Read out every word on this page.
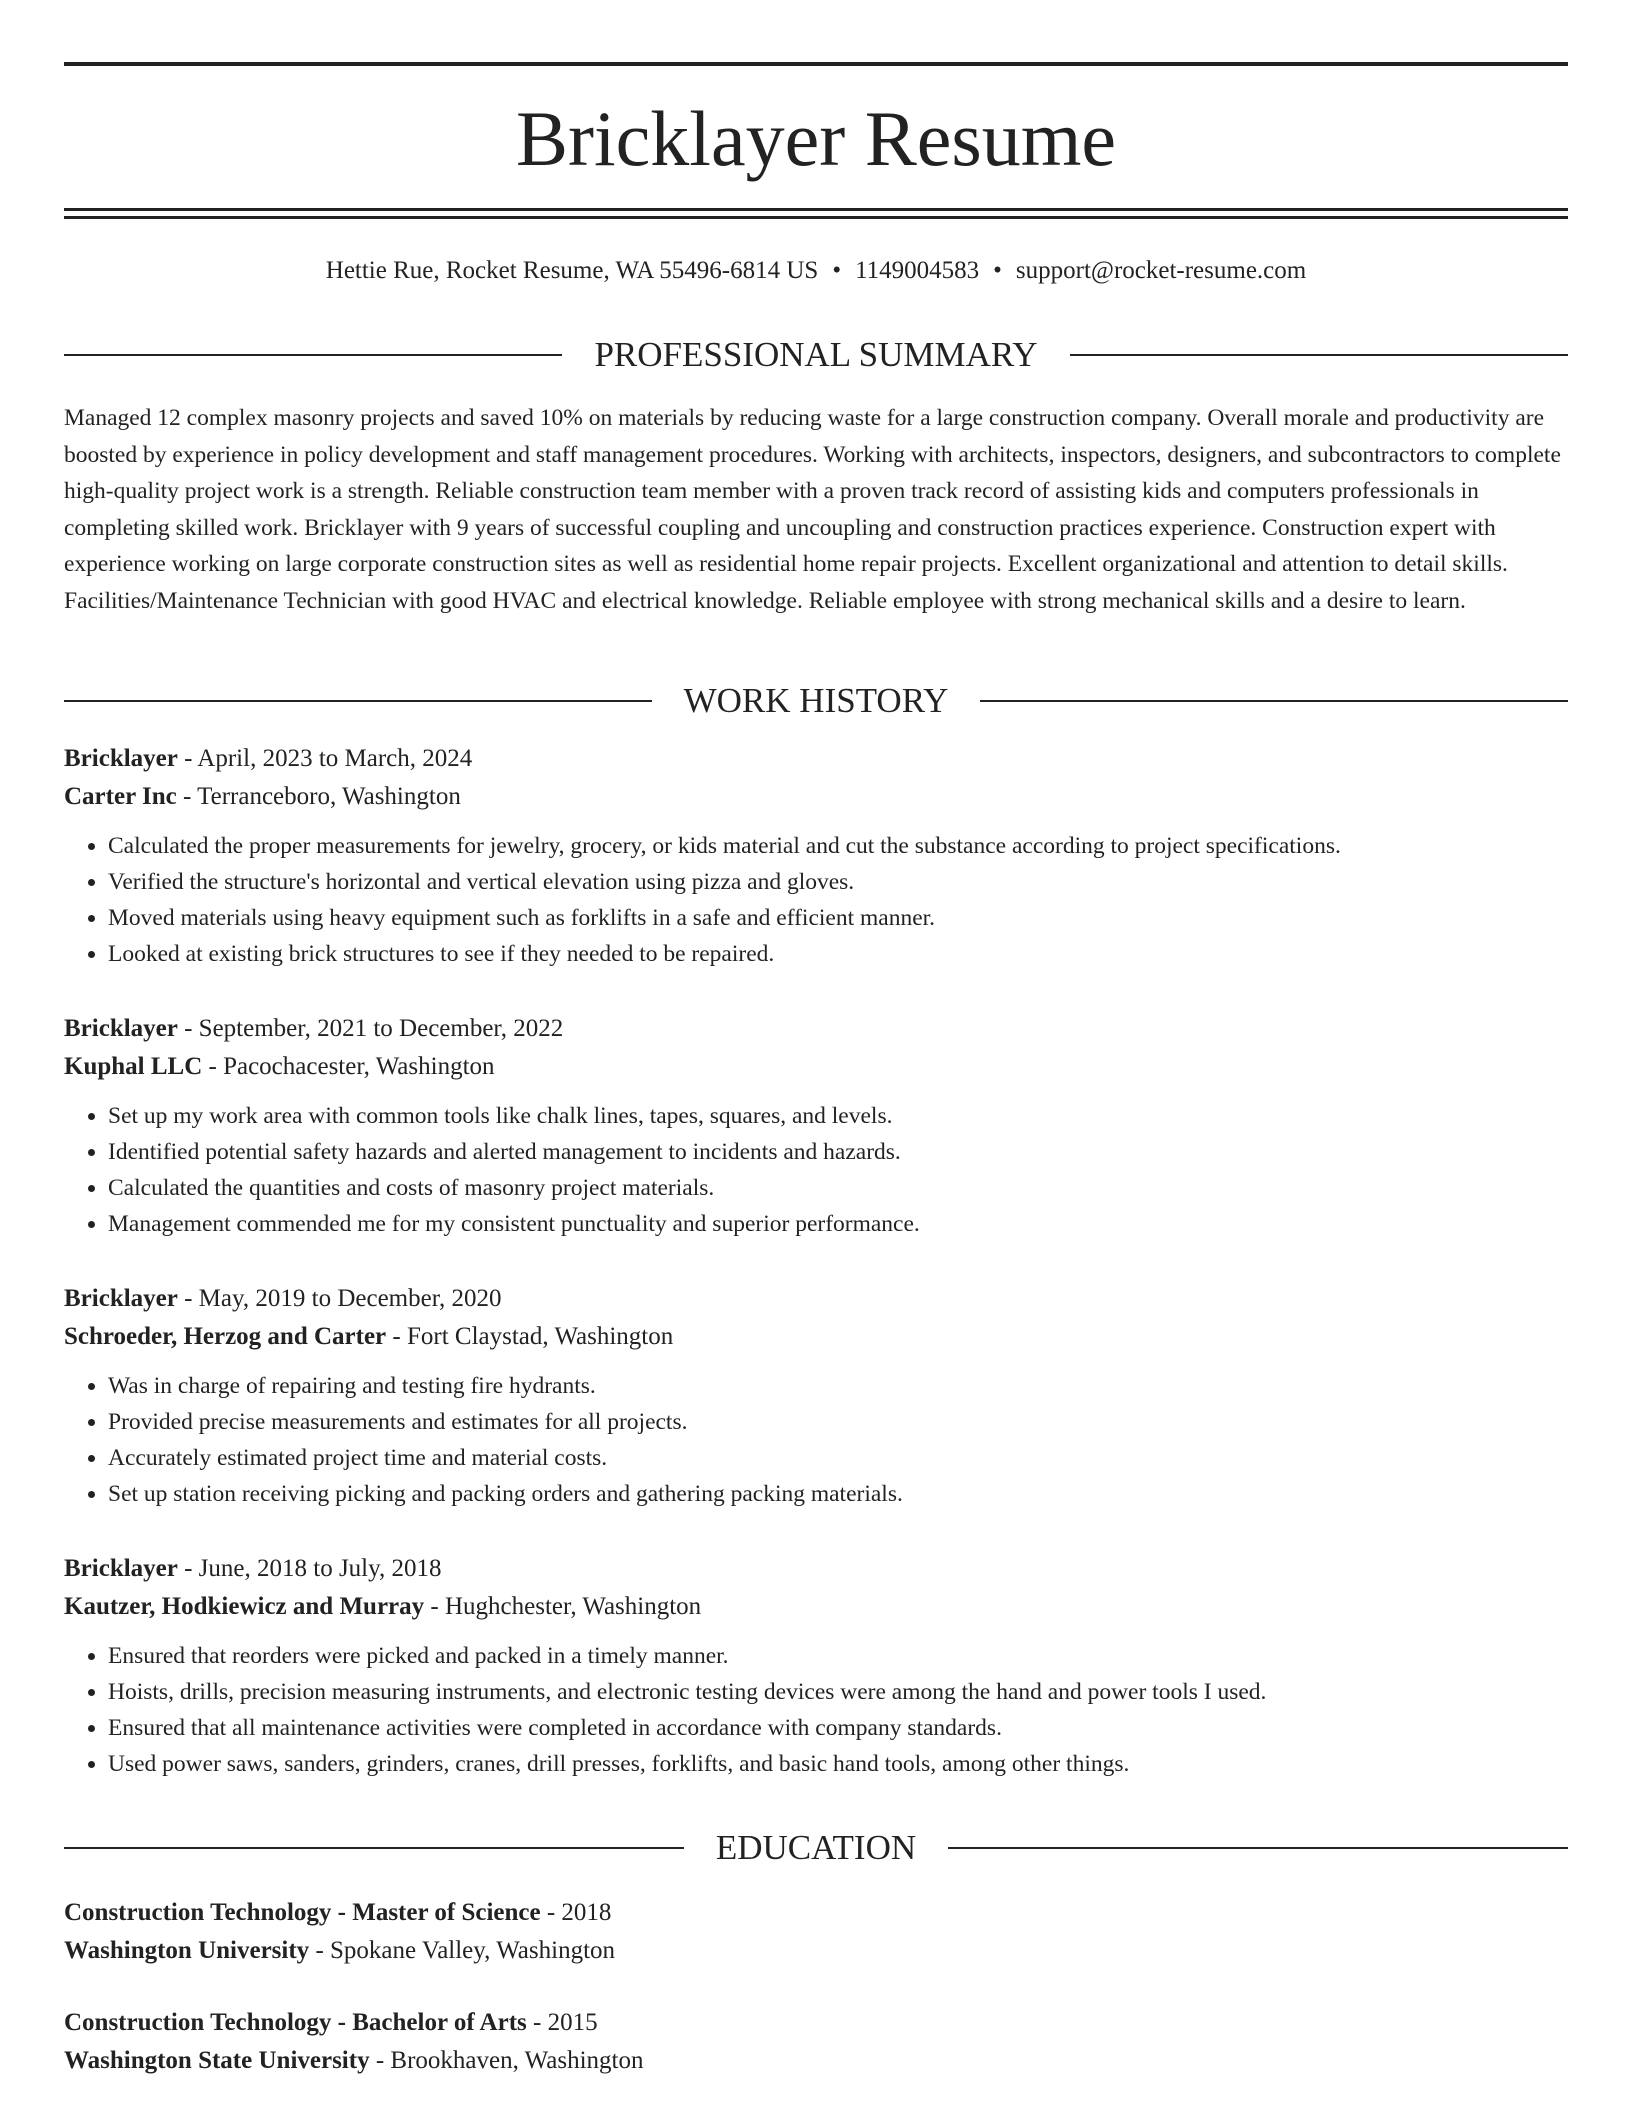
Bricklayer Resume
Hettie Rue, Rocket Resume, WA 55496-6814 US • 1149004583 • support@rocket-resume.com
PROFESSIONAL SUMMARY
Managed 12 complex masonry projects and saved 10% on materials by reducing waste for a large construction company. Overall morale and productivity are boosted by experience in policy development and staff management procedures. Working with architects, inspectors, designers, and subcontractors to complete high-quality project work is a strength. Reliable construction team member with a proven track record of assisting kids and computers professionals in completing skilled work. Bricklayer with 9 years of successful coupling and uncoupling and construction practices experience. Construction expert with experience working on large corporate construction sites as well as residential home repair projects. Excellent organizational and attention to detail skills. Facilities/Maintenance Technician with good HVAC and electrical knowledge. Reliable employee with strong mechanical skills and a desire to learn.
WORK HISTORY
Bricklayer - April, 2023 to March, 2024
Carter Inc - Terranceboro, Washington
• Calculated the proper measurements for jewelry, grocery, or kids material and cut the substance according to project specifications.
• Verified the structure's horizontal and vertical elevation using pizza and gloves.
• Moved materials using heavy equipment such as forklifts in a safe and efficient manner.
• Looked at existing brick structures to see if they needed to be repaired.
Bricklayer - September, 2021 to December, 2022
Kuphal LLC - Pacochacester, Washington
• Set up my work area with common tools like chalk lines, tapes, squares, and levels.
• Identified potential safety hazards and alerted management to incidents and hazards.
• Calculated the quantities and costs of masonry project materials.
• Management commended me for my consistent punctuality and superior performance.
Bricklayer - May, 2019 to December, 2020
Schroeder, Herzog and Carter - Fort Claystad, Washington
• Was in charge of repairing and testing fire hydrants.
• Provided precise measurements and estimates for all projects.
• Accurately estimated project time and material costs.
• Set up station receiving picking and packing orders and gathering packing materials.
Bricklayer - June, 2018 to July, 2018
Kautzer, Hodkiewicz and Murray - Hughchester, Washington
• Ensured that reorders were picked and packed in a timely manner.
• Hoists, drills, precision measuring instruments, and electronic testing devices were among the hand and power tools I used.
• Ensured that all maintenance activities were completed in accordance with company standards.
• Used power saws, sanders, grinders, cranes, drill presses, forklifts, and basic hand tools, among other things.
EDUCATION
Construction Technology - Master of Science - 2018
Washington University - Spokane Valley, Washington
Construction Technology - Bachelor of Arts - 2015
Washington State University - Brookhaven, Washington
